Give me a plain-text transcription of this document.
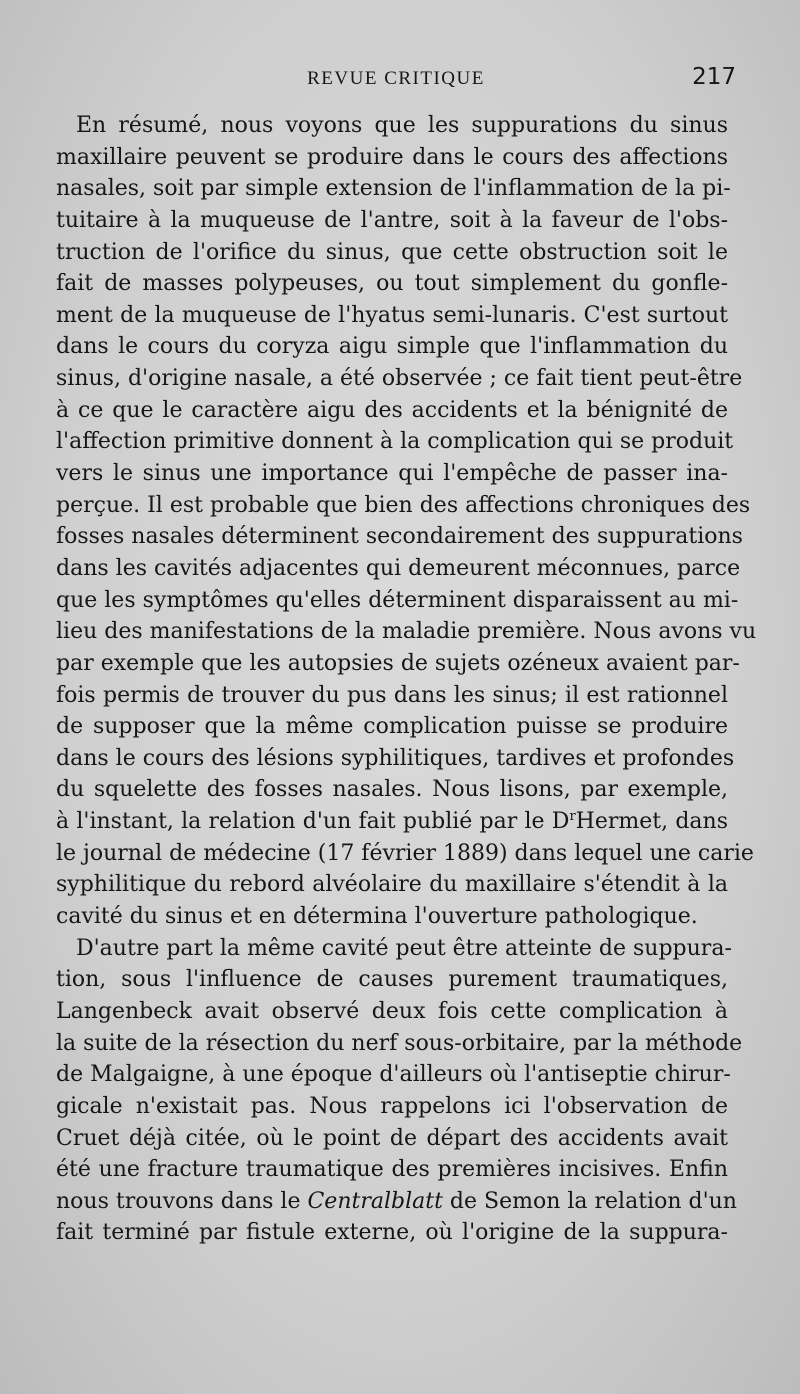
REVUE CRITIQUE	217
En résumé, nous voyons que les suppurations du sinus
maxillaire peuvent se produire dans le cours des affections
nasales, soit par simple extension de l'inflammation de la pi-
tuitaire à la muqueuse de l'antre, soit à la faveur de l'obs-
truction de l'orifice du sinus, que cette obstruction soit le
fait de masses polypeuses, ou tout simplement du gonfle-
ment de la muqueuse de l'hyatus semi-lunaris. C'est surtout
dans le cours du coryza aigu simple que l'inflammation du
sinus, d'origine nasale, a été observée ; ce fait tient peut-être
à ce que le caractère aigu des accidents et la bénignité de
l'affection primitive donnent à la complication qui se produit
vers le sinus une importance qui l'empêche de passer ina-
perçue. Il est probable que bien des affections chroniques des
fosses nasales déterminent secondairement des suppurations
dans les cavités adjacentes qui demeurent méconnues, parce
que les symptômes qu'elles déterminent disparaissent au mi-
lieu des manifestations de la maladie première. Nous avons vu
par exemple que les autopsies de sujets ozéneux avaient par-
fois permis de trouver du pus dans les sinus; il est rationnel
de supposer que la même complication puisse se produire
dans le cours des lésions syphilitiques, tardives et profondes
du squelette des fosses nasales. Nous lisons, par exemple,
à l'instant, la relation d'un fait publié par le $D^rHermet$, dans
le journal de médecine (17 février 1889) dans lequel une carie
syphilitique du rebord alvéolaire du maxillaire s'étendit à la
cavité du sinus et en détermina l'ouverture pathologique.
D'autre part la même cavité peut être atteinte de suppura-
tion, sous l'influence de causes purement traumatiques,
Langenbeck avait observé deux fois cette complication à
la suite de la résection du nerf sous-orbitaire, par la méthode
de Malgaigne, à une époque d'ailleurs où l'antiseptie chirur-
gicale n'existait pas. Nous rappelons ici l'observation de
Cruet déjà citée, où le point de départ des accidents avait
été une fracture traumatique des premières incisives. Enfin
nous trouvons dans le Centralblatt de Semon la relation d'un
fait terminé par fistule externe, où l'origine de la suppura-
